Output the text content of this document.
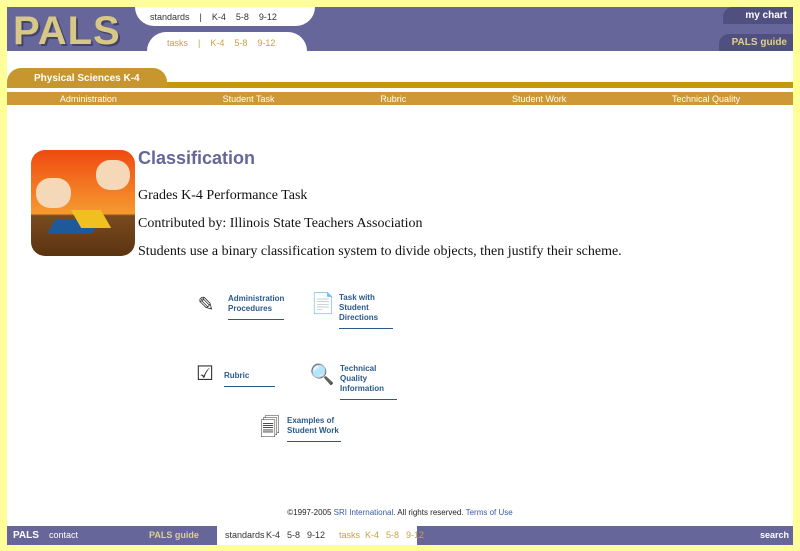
PALS	standards | K-4 5-8 9-12
tasks | K-4 5-8 9-12
my chart
PALS guide
Physical Sciences K-4
Administration	Student Task	Rubric	Student Work	Technical Quality
Classification
Grades K-4 Performance Task
Contributed by: Illinois State Teachers Association
Students use a binary classification system to divide objects, then justify their scheme.
✎	Administration
Procedures	📄 Task with
Student Directions
☑	Rubric	🔍 Technical Quality
Information
🗐 Examples of
Student Work
©1997-2005 SRI International. All rights reserved. Terms of Use
PALS contact	PALS guide	standards K-4 5-8 9-12 tasks K-4 5-8 9-12	search
